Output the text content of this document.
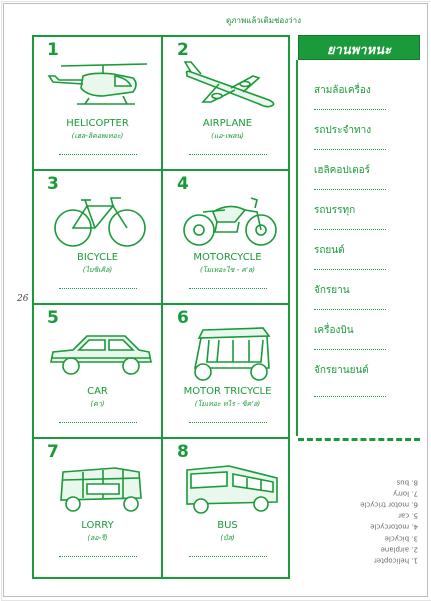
ดูภาพแล้วเติมช่องว่าง
26
1
HELICOPTER
(เฮล-ลิคอพเทอะ)
2
AIRPLANE
(แอ-เพลน)
3
BICYCLE
(ไบซิเคิล)
4
MOTORCYCLE
(โมเทอะไซ - ค'ล)
5
CAR
(คา)
6
MOTOR TRICYCLE
(โมเทอะ ทไร - ซิค'ล)
7
LORRY
(ลอ-รี)
8
BUS
(บัส)
ยานพาหนะ
สามล้อเครื่อง
รถประจำทาง
เฮลิคอปเตอร์
รถบรรทุก
รถยนต์
จักรยาน
เครื่องบิน
จักรยานยนต์
1. helicopter
2. airplane
3. bicycle
4. motorcycle
5. car
6. motor tricycle
7. lorry
8. bus
